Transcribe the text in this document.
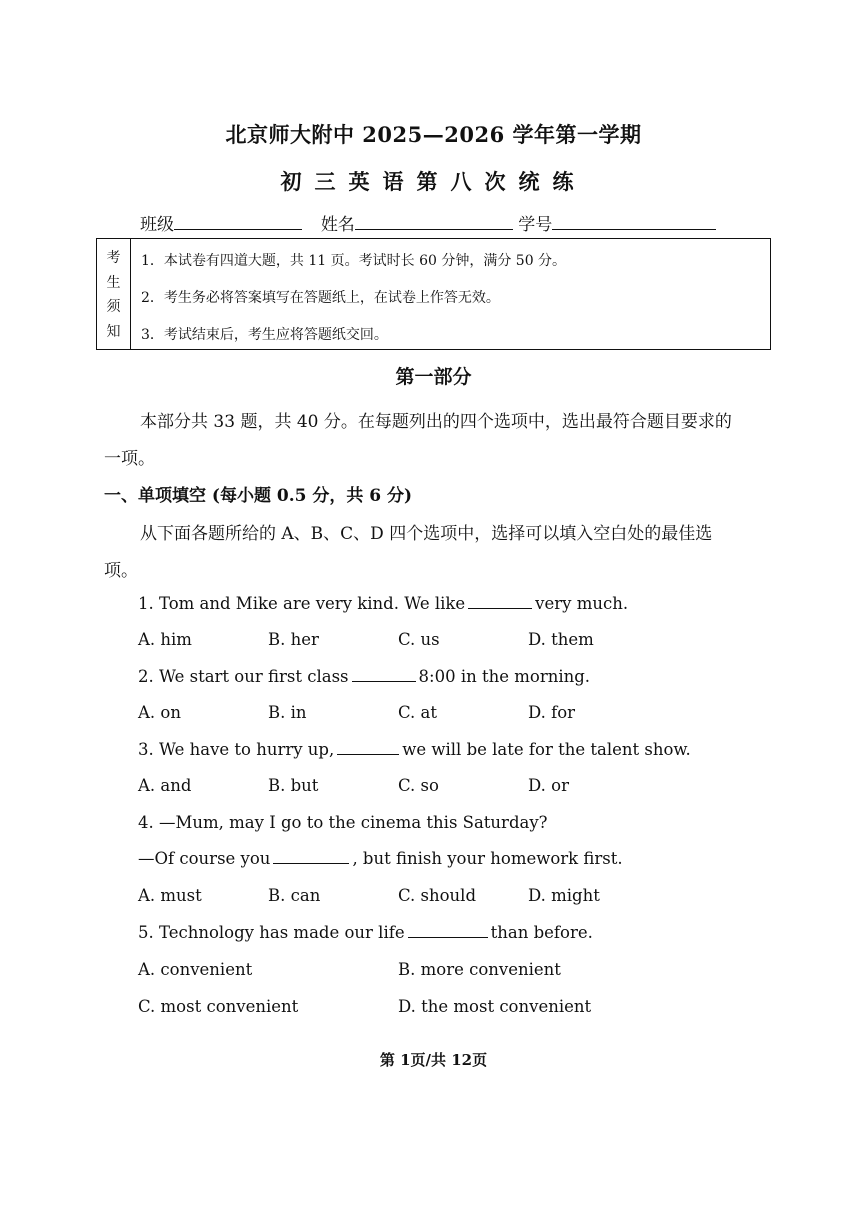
北京师大附中 2025—2026 学年第一学期
初三英语第八次统练
班级	姓名	学号
考
生
须
知
1．本试卷有四道大题，共 11 页。考试时长 60 分钟，满分 50 分。
2．考生务必将答案填写在答题纸上，在试卷上作答无效。
3．考试结束后，考生应将答题纸交回。
第一部分
本部分共 33 题，共 40 分。在每题列出的四个选项中，选出最符合题目要求的
一项。
一、单项填空 (每小题 0.5 分，共 6 分)
从下面各题所给的 A、B、C、D 四个选项中，选择可以填入空白处的最佳选
项。
1. Tom and Mike are very kind. We like	very much.
A. him	B. her	C. us	D. them
2. We start our first class	8:00 in the morning.
A. on	B. in	C. at	D. for
3. We have to hurry up,	we will be late for the talent show.
A. and	B. but	C. so	D. or
4. —Mum, may I go to the cinema this Saturday?
—Of course you	, but finish your homework first.
A. must	B. can	C. should	D. might
5. Technology has made our life	than before.
A. convenient	B. more convenient
C. most convenient	D. the most convenient
第 1页/共 12页
